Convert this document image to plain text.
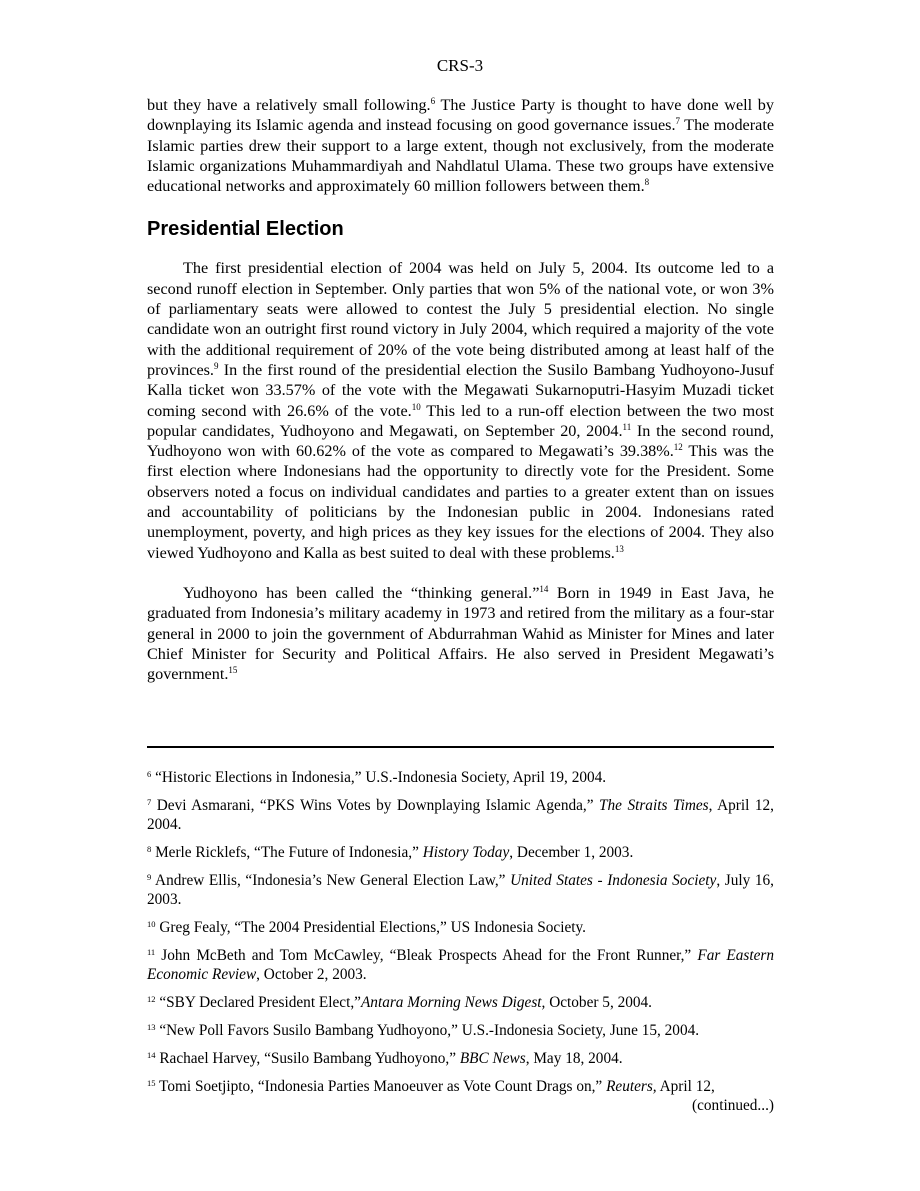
CRS-3

but they have a relatively small following.$^6$ The Justice Party is thought to have done well by downplaying its Islamic agenda and instead focusing on good governance issues.$^7$ The moderate Islamic parties drew their support to a large extent, though not exclusively, from the moderate Islamic organizations Muhammardiyah and Nahdlatul Ulama. These two groups have extensive educational networks and approximately 60 million followers between them.$^8$

Presidential Election

The first presidential election of 2004 was held on July 5, 2004. Its outcome led to a second runoff election in September. Only parties that won 5% of the national vote, or won 3% of parliamentary seats were allowed to contest the July 5 presidential election. No single candidate won an outright first round victory in July 2004, which required a majority of the vote with the additional requirement of 20% of the vote being distributed among at least half of the provinces.$^9$ In the first round of the presidential election the Susilo Bambang Yudhoyono-Jusuf Kalla ticket won 33.57% of the vote with the Megawati Sukarnoputri-Hasyim Muzadi ticket coming second with 26.6% of the vote.$^{10}$ This led to a run-off election between the two most popular candidates, Yudhoyono and Megawati, on September 20, 2004.11 In the second round, Yudhoyono won with 60.62% of the vote as compared to Megawati’s 39.38%.$^{12}$ This was the first election where Indonesians had the opportunity to directly vote for the President. Some observers noted a focus on individual candidates and parties to a greater extent than on issues and accountability of politicians by the Indonesian public in 2004. Indonesians rated unemployment, poverty, and high prices as they key issues for the elections of 2004. They also viewed Yudhoyono and Kalla as best suited to deal with these problems.$^{13}$

Yudhoyono has been called the “thinking general.”$^{14}$ Born in 1949 in East Java, he graduated from Indonesia’s military academy in 1973 and retired from the military as a four-star general in 2000 to join the government of Abdurrahman Wahid as Minister for Mines and later Chief Minister for Security and Political Affairs. He also served in President Megawati’s government.$^{15}$

$^6$ “Historic Elections in Indonesia,” U.S.-Indonesia Society, April 19, 2004.

$^7$ Devi Asmarani, “PKS Wins Votes by Downplaying Islamic Agenda,” The Straits Times, April 12, 2004.

$^8$ Merle Ricklefs, “The Future of Indonesia,” History Today, December 1, 2003.

$^9$ Andrew Ellis, “Indonesia’s New General Election Law,” United States - Indonesia Society, July 16, 2003.

$^{10}$ Greg Fealy, “The 2004 Presidential Elections,” US Indonesia Society.

$^{11}$ John McBeth and Tom McCawley, “Bleak Prospects Ahead for the Front Runner,” Far Eastern Economic Review, October 2, 2003.

$^{12}$ “SBY Declared President Elect,”Antara Morning News Digest, October 5, 2004.

$^{13}$ “New Poll Favors Susilo Bambang Yudhoyono,” U.S.-Indonesia Society, June 15, 2004.

$^{14}$ Rachael Harvey, “Susilo Bambang Yudhoyono,” BBC News, May 18, 2004.

$^{15}$ Tomi Soetjipto, “Indonesia Parties Manoeuver as Vote Count Drags on,” Reuters, April 12,

(continued...)
